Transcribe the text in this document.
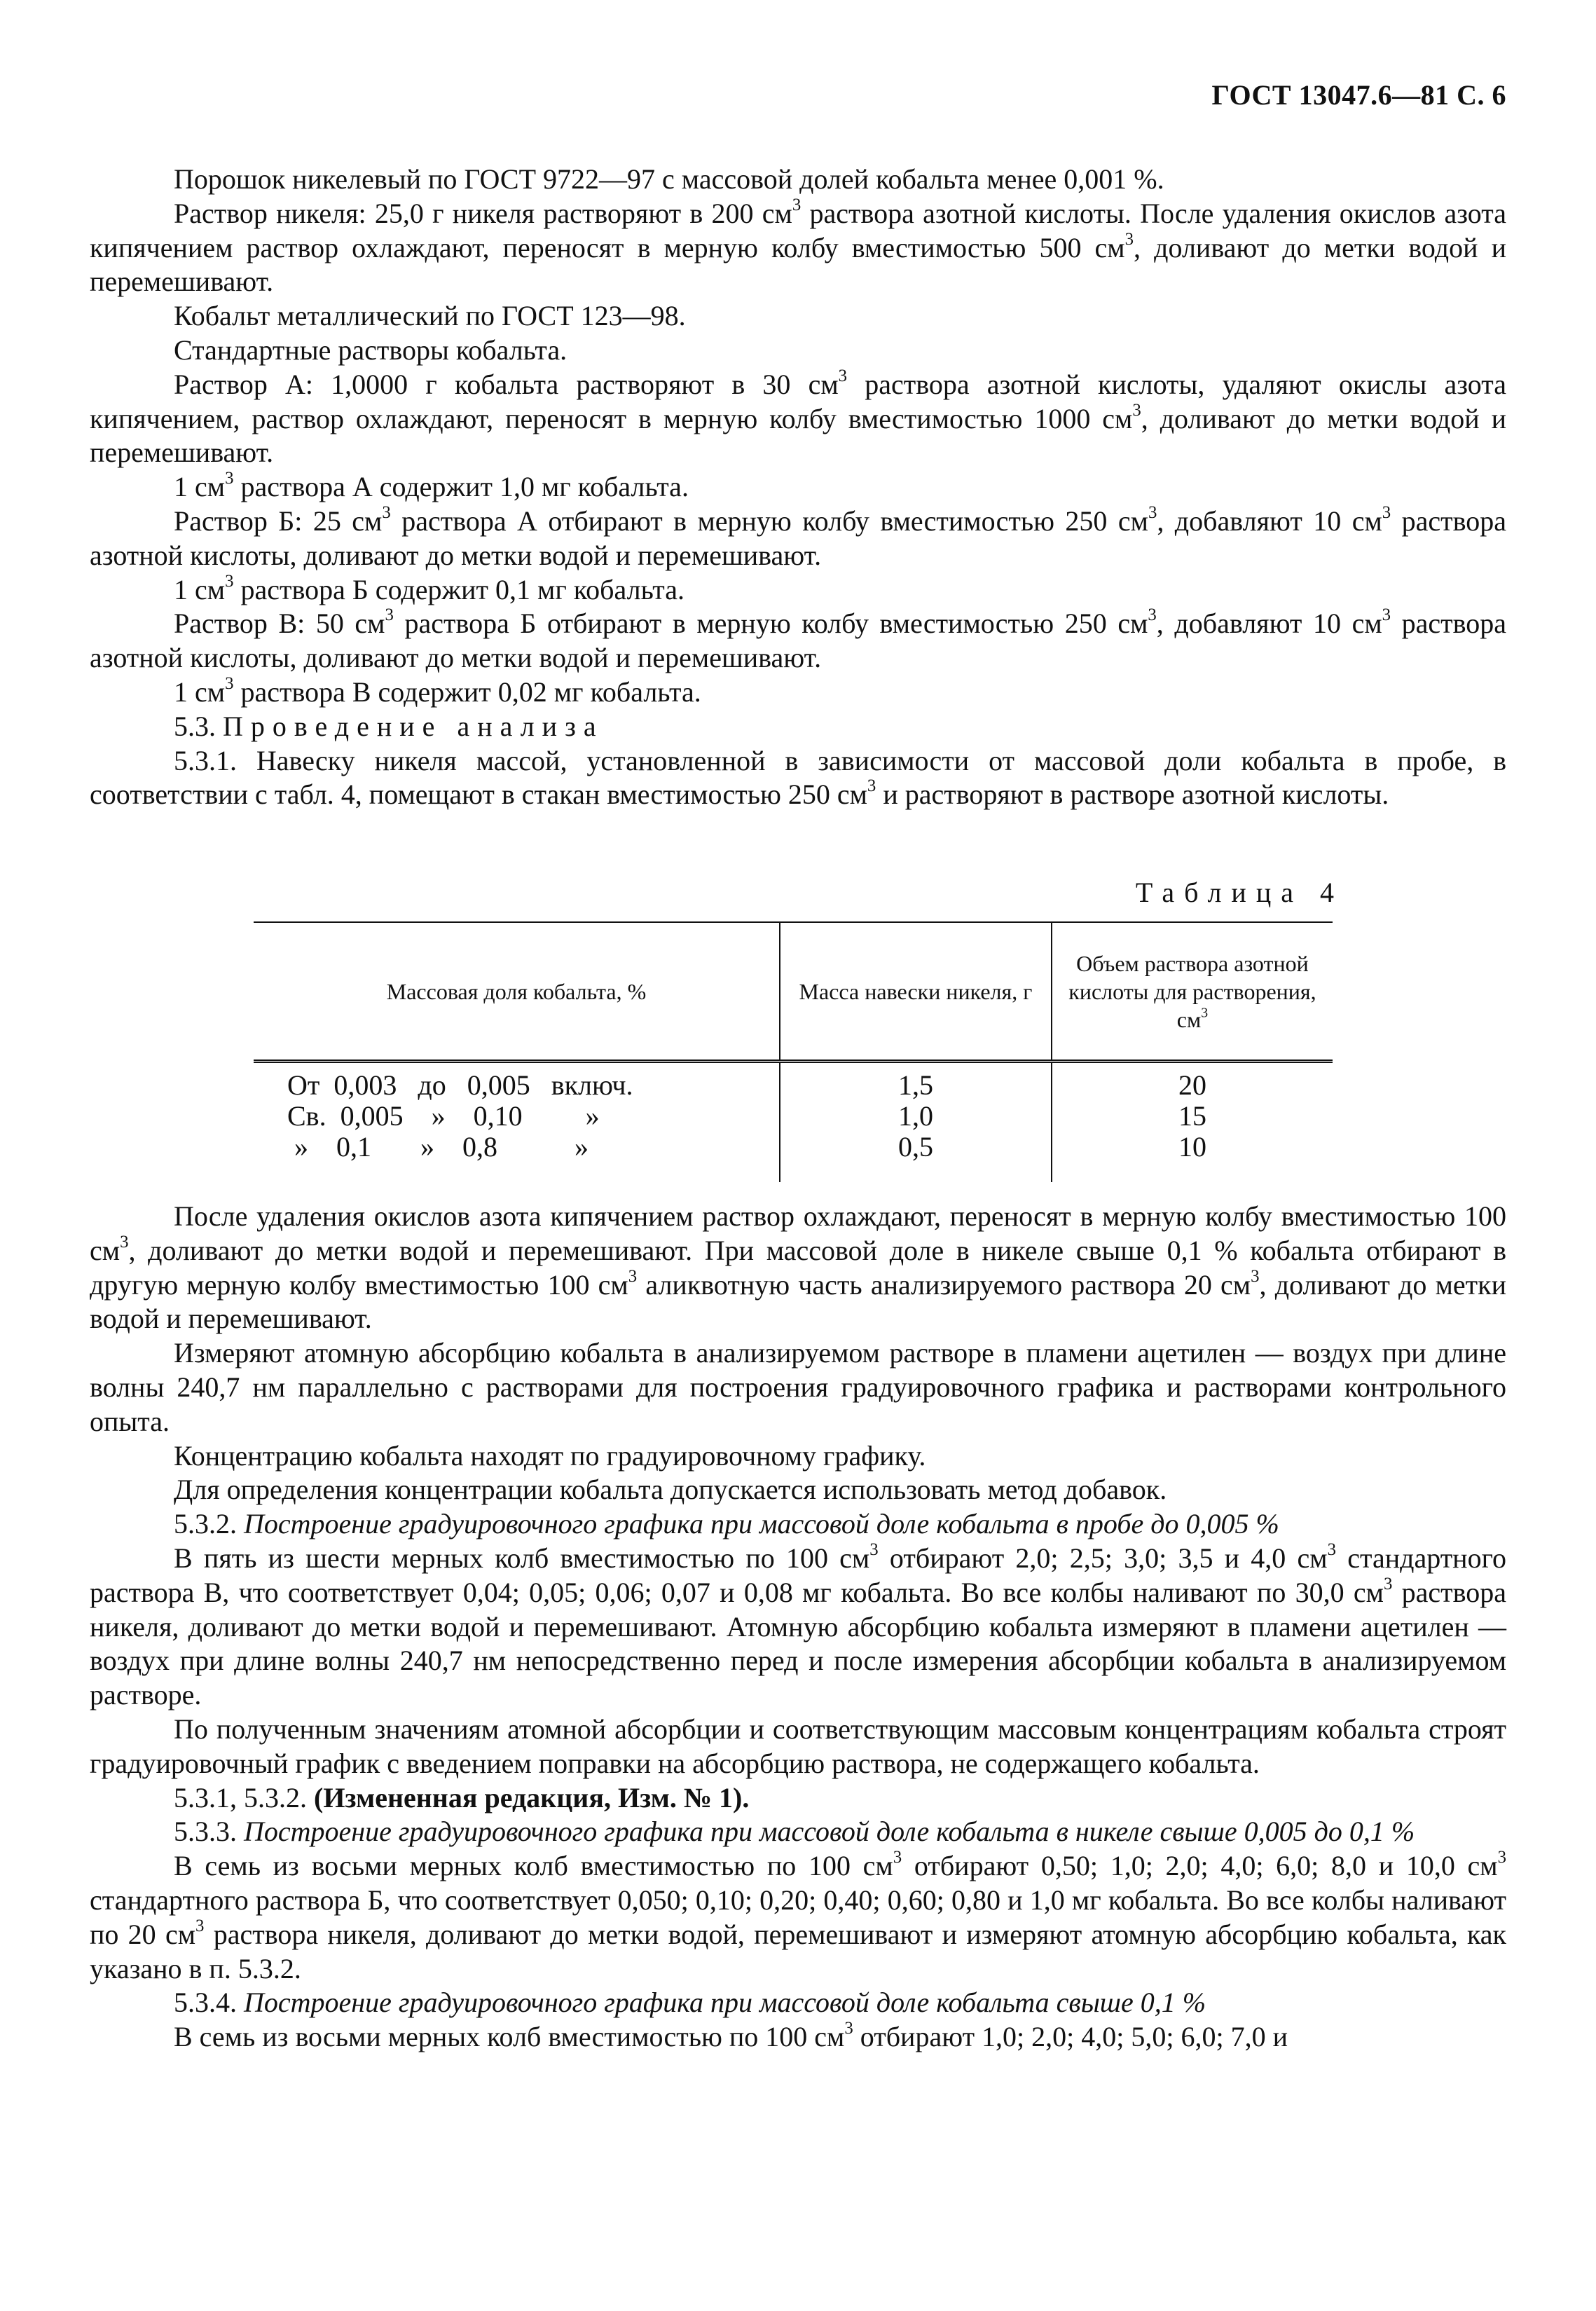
ГОСТ 13047.6—81 С. 6

Порошок никелевый по ГОСТ 9722—97 с массовой долей кобальта менее 0,001 %.

Раствор никеля: 25,0 г никеля растворяют в 200 $см^3$ раствора азотной кислоты. После удаления окислов азота кипячением раствор охлаждают, переносят в мерную колбу вместимостью 500 $см^3$, доливают до метки водой и перемешивают.

Кобальт металлический по ГОСТ 123—98.

Стандартные растворы кобальта.

Раствор А: 1,0000 г кобальта растворяют в 30 $см^3$ раствора азотной кислоты, удаляют окислы азота кипячением, раствор охлаждают, переносят в мерную колбу вместимостью 1000 $см^3$, доливают до метки водой и перемешивают.

1 $см^3$ раствора А содержит 1,0 мг кобальта.

Раствор Б: 25 $см^3$ раствора А отбирают в мерную колбу вместимостью 250 $см^3$, добавляют 10 $см^3$ раствора азотной кислоты, доливают до метки водой и перемешивают.

1 $см^3$ раствора Б содержит 0,1 мг кобальта.

Раствор В: 50 $см^3$ раствора Б отбирают в мерную колбу вместимостью 250 $см^3$, добавляют 10 $см^3$ раствора азотной кислоты, доливают до метки водой и перемешивают.

1 $см^3$ раствора В содержит 0,02 мг кобальта.

5.3. Проведение анализа

5.3.1. Навеску никеля массой, установленной в зависимости от массовой доли кобальта в пробе, в соответствии с табл. 4, помещают в стакан вместимостью 250 $см^3$ и растворяют в растворе азотной кислоты.

Таблица 4
Массовая доля кобальта, %	Масса навески никеля, г	Объем раствора азотной кислоты для растворения, $см^3$
От  0,003   до   0,005   включ.	1,5	20
Св.  0,005    »    0,10         »	1,0	15
»    0,1       »    0,8           »	0,5	10

После удаления окислов азота кипячением раствор охлаждают, переносят в мерную колбу вместимостью 100 $см^3$, доливают до метки водой и перемешивают. При массовой доле в никеле свыше 0,1 % кобальта отбирают в другую мерную колбу вместимостью 100 $см^3$ аликвотную часть анализируемого раствора 20 $см^3$, доливают до метки водой и перемешивают.

Измеряют атомную абсорбцию кобальта в анализируемом растворе в пламени ацетилен — воздух при длине волны 240,7 нм параллельно с растворами для построения градуировочного графика и растворами контрольного опыта.

Концентрацию кобальта находят по градуировочному графику.

Для определения концентрации кобальта допускается использовать метод добавок.

5.3.2. Построение градуировочного графика при массовой доле кобальта в пробе до 0,005 %

В пять из шести мерных колб вместимостью по 100 $см^3$ отбирают 2,0; 2,5; 3,0; 3,5 и 4,0 $см^3$ стандартного раствора В, что соответствует 0,04; 0,05; 0,06; 0,07 и 0,08 мг кобальта. Во все колбы наливают по 30,0 $см^3$ раствора никеля, доливают до метки водой и перемешивают. Атомную абсорбцию кобальта измеряют в пламени ацетилен — воздух при длине волны 240,7 нм непосредственно перед и после измерения абсорбции кобальта в анализируемом растворе.

По полученным значениям атомной абсорбции и соответствующим массовым концентрациям кобальта строят градуировочный график с введением поправки на абсорбцию раствора, не содержащего кобальта.

5.3.1, 5.3.2. (Измененная редакция, Изм. № 1).

5.3.3. Построение градуировочного графика при массовой доле кобальта в никеле свыше 0,005 до 0,1 %

В семь из восьми мерных колб вместимостью по 100 $см^3$ отбирают 0,50; 1,0; 2,0; 4,0; 6,0; 8,0 и 10,0 $см^3$ стандартного раствора Б, что соответствует 0,050; 0,10; 0,20; 0,40; 0,60; 0,80 и 1,0 мг кобальта. Во все колбы наливают по 20 $см^3$ раствора никеля, доливают до метки водой, перемешивают и измеряют атомную абсорбцию кобальта, как указано в п. 5.3.2.

5.3.4. Построение градуировочного графика при массовой доле кобальта свыше 0,1 %

В семь из восьми мерных колб вместимостью по 100 $см^3$ отбирают 1,0; 2,0; 4,0; 5,0; 6,0; 7,0 и
